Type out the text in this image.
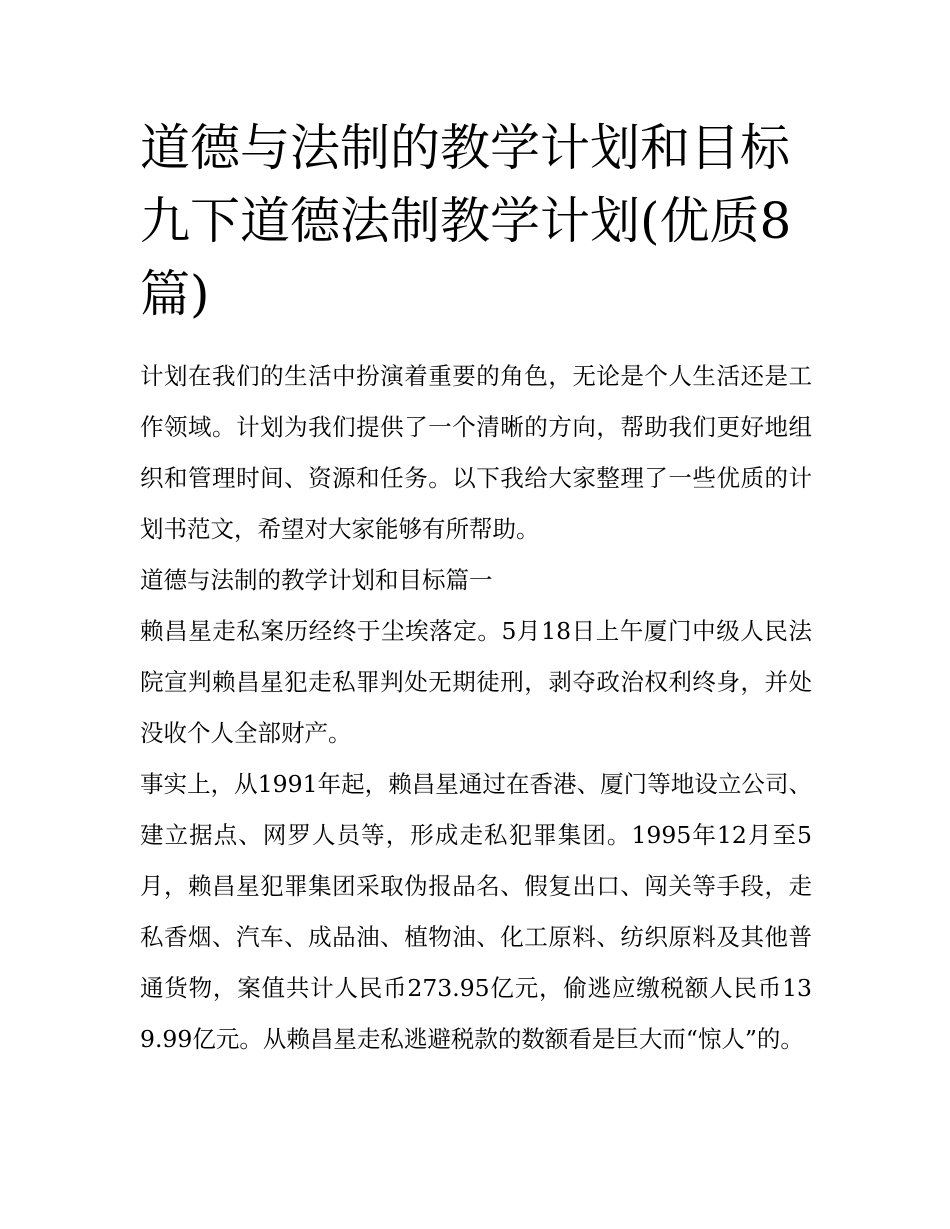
道德与法制的教学计划和目标九下道德法制教学计划(优质8篇)

计划在我们的生活中扮演着重要的角色，无论是个人生活还是工作领域。计划为我们提供了一个清晰的方向，帮助我们更好地组织和管理时间、资源和任务。以下我给大家整理了一些优质的计划书范文，希望对大家能够有所帮助。

道德与法制的教学计划和目标篇一

赖昌星走私案历经终于尘埃落定。5月18日上午厦门中级人民法院宣判赖昌星犯走私罪判处无期徒刑，剥夺政治权利终身，并处没收个人全部财产。

事实上，从1991年起，赖昌星通过在香港、厦门等地设立公司、建立据点、网罗人员等，形成走私犯罪集团。1995年12月至5月，赖昌星犯罪集团采取伪报品名、假复出口、闯关等手段，走私香烟、汽车、成品油、植物油、化工原料、纺织原料及其他普通货物，案值共计人民币273.95亿元，偷逃应缴税额人民币139.99亿元。从赖昌星走私逃避税款的数额看是巨大而“惊人”的。
